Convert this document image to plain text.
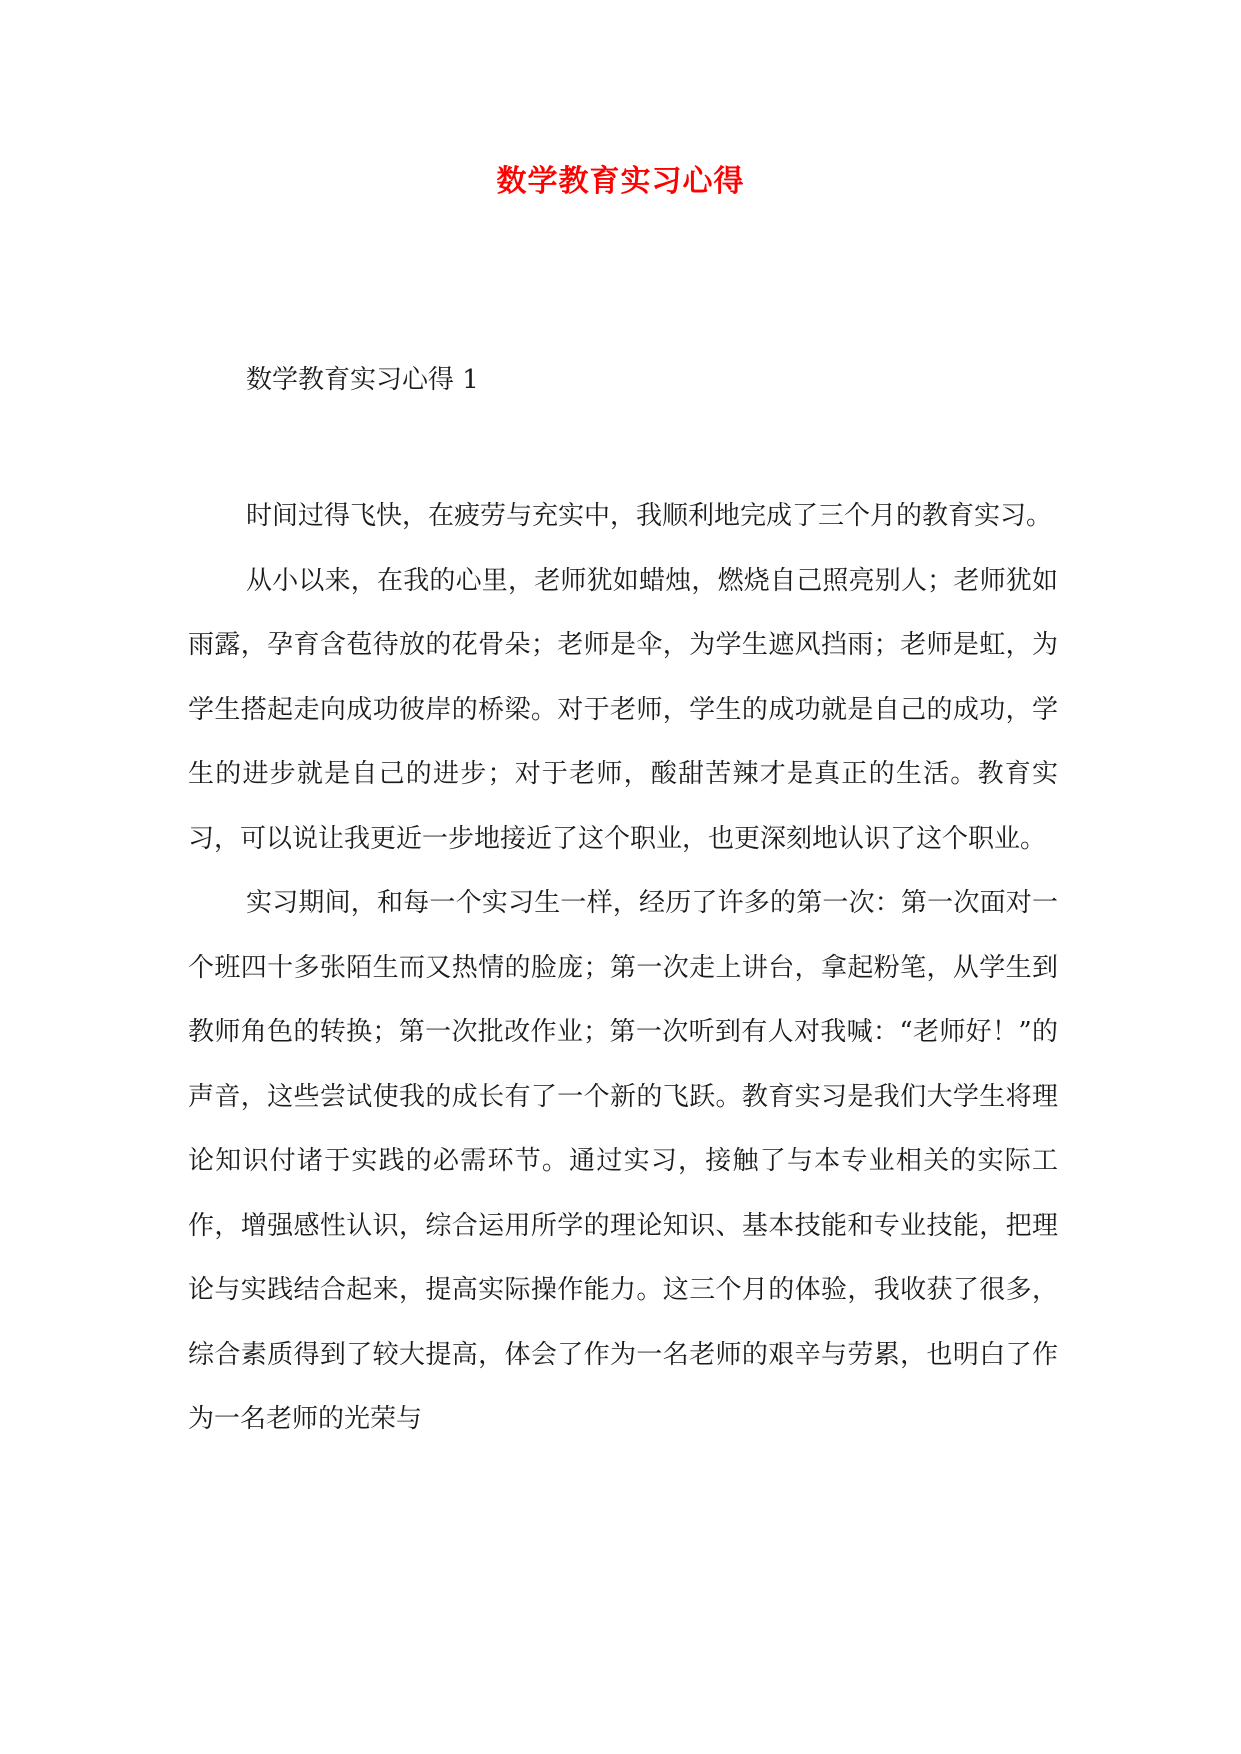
数学教育实习心得
数学教育实习心得 1

时间过得飞快，在疲劳与充实中，我顺利地完成了三个月的教育实习。

从小以来，在我的心里，老师犹如蜡烛，燃烧自己照亮别人；老师犹如雨露，孕育含苞待放的花骨朵；老师是伞，为学生遮风挡雨；老师是虹，为学生搭起走向成功彼岸的桥梁。对于老师，学生的成功就是自己的成功，学生的进步就是自己的进步；对于老师，酸甜苦辣才是真正的生活。教育实习，可以说让我更近一步地接近了这个职业，也更深刻地认识了这个职业。

实习期间，和每一个实习生一样，经历了许多的第一次：第一次面对一个班四十多张陌生而又热情的脸庞；第一次走上讲台，拿起粉笔，从学生到教师角色的转换；第一次批改作业；第一次听到有人对我喊：“老师好！”的声音，这些尝试使我的成长有了一个新的飞跃。教育实习是我们大学生将理论知识付诸于实践的必需环节。通过实习，接触了与本专业相关的实际工作，增强感性认识，综合运用所学的理论知识、基本技能和专业技能，把理论与实践结合起来，提高实际操作能力。这三个月的体验，我收获了很多，综合素质得到了较大提高，体会了作为一名老师的艰辛与劳累，也明白了作为一名老师的光荣与
